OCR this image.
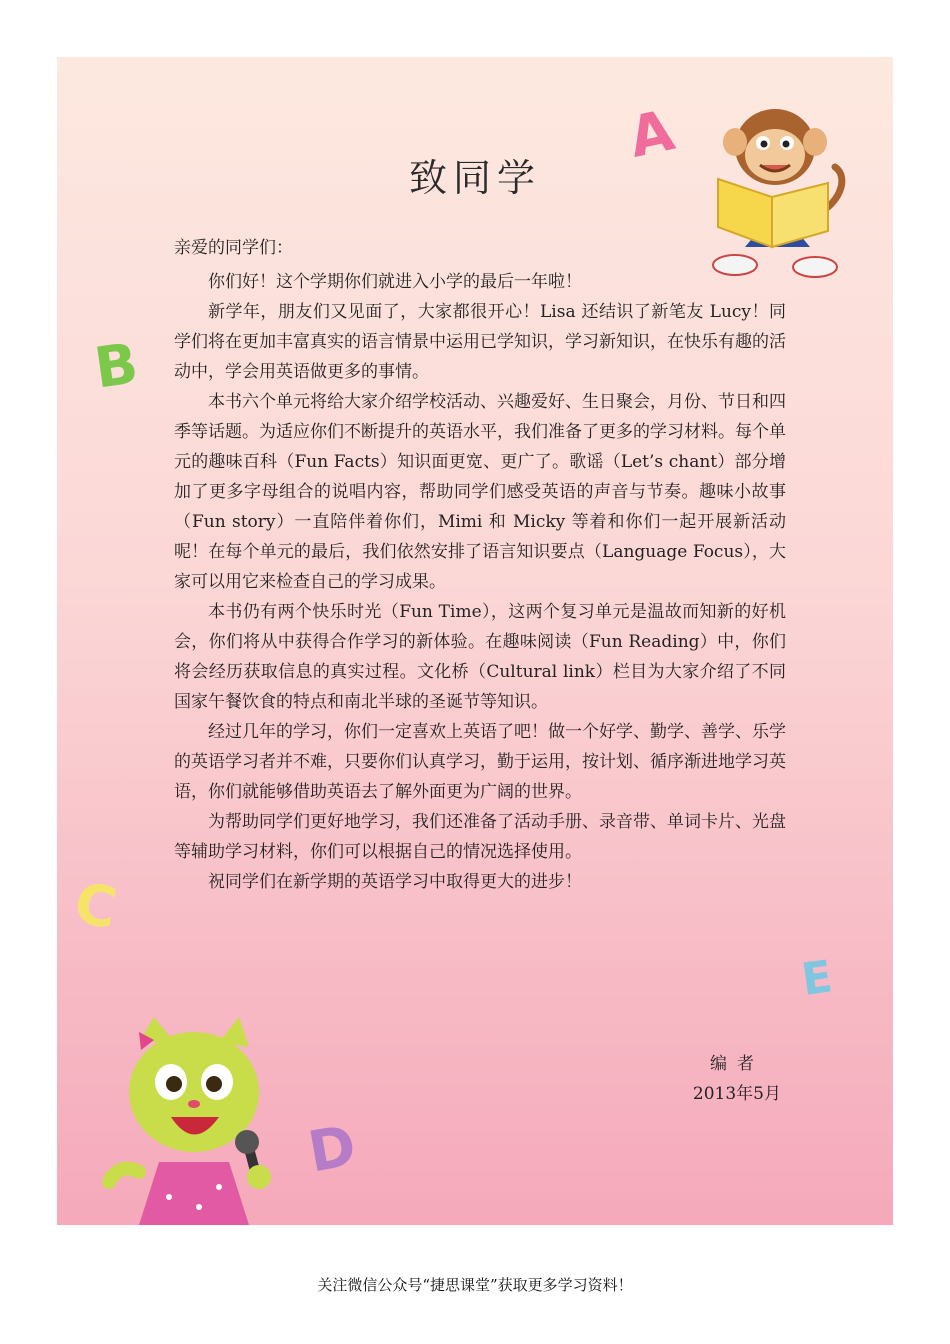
A
B
C
D
E
致同学
亲爱的同学们：

你们好！这个学期你们就进入小学的最后一年啦！

新学年，朋友们又见面了，大家都很开心！Lisa 还结识了新笔友 Lucy！同学们将在更加丰富真实的语言情景中运用已学知识，学习新知识，在快乐有趣的活动中，学会用英语做更多的事情。

本书六个单元将给大家介绍学校活动、兴趣爱好、生日聚会，月份、节日和四季等话题。为适应你们不断提升的英语水平，我们准备了更多的学习材料。每个单元的趣味百科（Fun Facts）知识面更宽、更广了。歌谣（Let’s chant）部分增加了更多字母组合的说唱内容，帮助同学们感受英语的声音与节奏。趣味小故事（Fun story）一直陪伴着你们，Mimi 和 Micky 等着和你们一起开展新活动呢！在每个单元的最后，我们依然安排了语言知识要点（Language Focus），大家可以用它来检查自己的学习成果。

本书仍有两个快乐时光（Fun Time），这两个复习单元是温故而知新的好机会，你们将从中获得合作学习的新体验。在趣味阅读（Fun Reading）中，你们将会经历获取信息的真实过程。文化桥（Cultural link）栏目为大家介绍了不同国家午餐饮食的特点和南北半球的圣诞节等知识。

经过几年的学习，你们一定喜欢上英语了吧！做一个好学、勤学、善学、乐学的英语学习者并不难，只要你们认真学习，勤于运用，按计划、循序渐进地学习英语，你们就能够借助英语去了解外面更为广阔的世界。

为帮助同学们更好地学习，我们还准备了活动手册、录音带、单词卡片、光盘等辅助学习材料，你们可以根据自己的情况选择使用。

祝同学们在新学期的英语学习中取得更大的进步！

编者
2013年5月
关注微信公众号“捷思课堂”获取更多学习资料！
